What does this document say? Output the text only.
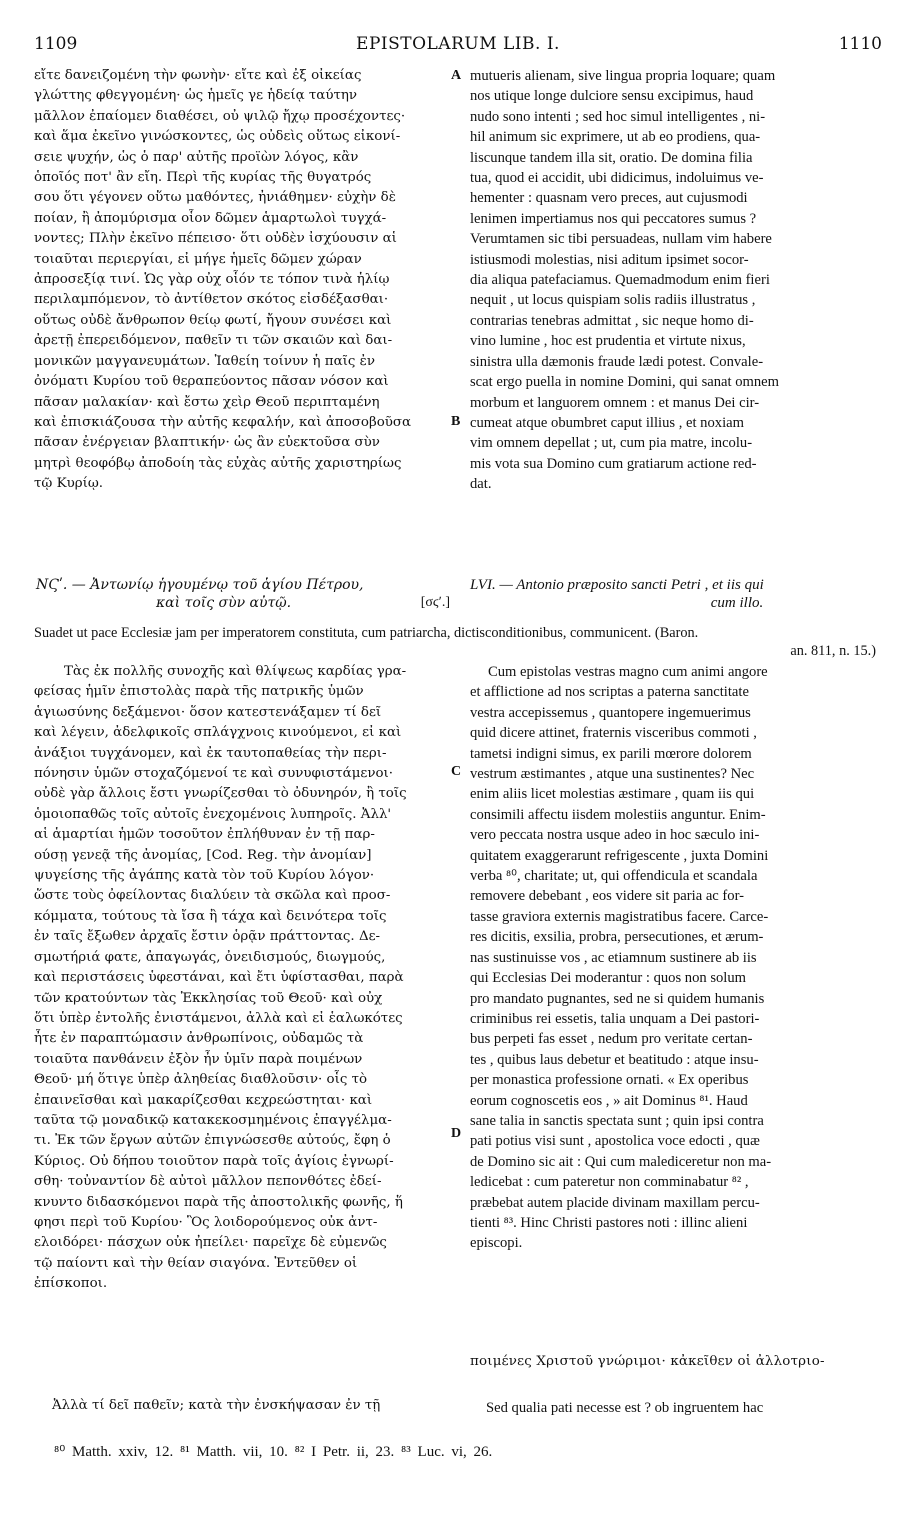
1109	EPISTOLARUM LIB. I.	1110
εἴτε δανειζομένη τὴν φωνὴν· εἴτε καὶ ἐξ οἰκείας
γλώττης φθεγγομένη· ὡς ἡμεῖς γε ἡδείᾳ ταύτην
μᾶλλον ἐπαίομεν διαθέσει, οὐ ψιλῷ ἤχῳ προσέχοντες·
καὶ ἅμα ἐκεῖνο γινώσκοντες, ὡς οὐδεὶς οὕτως εἰκονί-
σειε ψυχήν, ὡς ὁ παρ' αὐτῆς προϊὼν λόγος, κἂν
ὁποῖός ποτ' ἂν εἴη. Περὶ τῆς κυρίας τῆς θυγατρός
σου ὅτι γέγονεν οὕτω μαθόντες, ἠνιάθημεν· εὐχὴν δὲ
ποίαν, ἢ ἀπομύρισμα οἷον δῶμεν ἁμαρτωλοὶ τυγχά-
νοντες; Πλὴν ἐκεῖνο πέπεισο· ὅτι οὐδὲν ἰσχύουσιν αἱ
τοιαῦται περιεργίαι, εἰ μήγε ἡμεῖς δῶμεν χώραν
ἀπροσεξίᾳ τινί. Ὡς γὰρ οὐχ οἷόν τε τόπον τινὰ ἡλίῳ
περιλαμπόμενον, τὸ ἀντίθετον σκότος εἰσδέξασθαι·
οὕτως οὐδὲ ἄνθρωπον θείῳ φωτί, ἤγουν συνέσει καὶ
ἀρετῇ ἐπερειδόμενον, παθεῖν τι τῶν σκαιῶν καὶ δαι-
μονικῶν μαγγανευμάτων. Ἰαθείη τοίνυν ἡ παῖς ἐν
ὀνόματι Κυρίου τοῦ θεραπεύοντος πᾶσαν νόσον καὶ
πᾶσαν μαλακίαν· καὶ ἔστω χεὶρ Θεοῦ περιπταμένη
καὶ ἐπισκιάζουσα τὴν αὐτῆς κεφαλήν, καὶ ἀποσοβοῦσα
πᾶσαν ἐνέργειαν βλαπτικήν· ὡς ἂν εὐεκτοῦσα σὺν
μητρὶ θεοφόβῳ ἀποδοίη τὰς εὐχὰς αὐτῆς χαριστηρίως
τῷ Κυρίῳ.
mutueris alienam, sive lingua propria loquare; quam
nos utique longe dulciore sensu excipimus, haud
nudo sono intenti ; sed hoc simul intelligentes , ni-
hil animum sic exprimere, ut ab eo prodiens, qua-
liscunque tandem illa sit, oratio. De domina filia
tua, quod ei accidit, ubi didicimus, indoluimus ve-
hementer : quasnam vero preces, aut cujusmodi
lenimen impertiamus nos qui peccatores sumus ?
Verumtamen sic tibi persuadeas, nullam vim habere
istiusmodi molestias, nisi aditum ipsimet socor-
dia aliqua patefaciamus. Quemadmodum enim fieri
nequit , ut locus quispiam solis radiis illustratus ,
contrarias tenebras admittat , sic neque homo di-
vino lumine , hoc est prudentia et virtute nixus,
sinistra ulla dæmonis fraude lædi potest. Convale-
scat ergo puella in nomine Domini, qui sanat omnem
morbum et languorem omnem : et manus Dei cir-
cumeat atque obumbret caput illius , et noxiam
vim omnem depellat ; ut, cum pia matre, incolu-
mis vota sua Domino cum gratiarum actione red-
dat.
A
B
ΝϚʹ. — Ἀντωνίῳ ἡγουμένῳ τοῦ ἁγίου Πέτρου,
καὶ τοῖς σὺν αὐτῷ.	[σϛʹ.]
LVI. — Antonio præposito sancti Petri , et iis qui
cum illo.
Suadet ut pace Ecclesiæ jam per imperatorem constituta, cum patriarcha, dictisconditionibus, communicent. (Baron.
an. 811, n. 15.)
Τὰς ἐκ πολλῆς συνοχῆς καὶ θλίψεως καρδίας γρα-
φείσας ἡμῖν ἐπιστολὰς παρὰ τῆς πατρικῆς ὑμῶν
ἁγιωσύνης δεξάμενοι· ὅσον κατεστενάξαμεν τί δεῖ
καὶ λέγειν, ἀδελφικοῖς σπλάγχνοις κινούμενοι, εἰ καὶ
ἀνάξιοι τυγχάνομεν, καὶ ἐκ ταυτοπαθείας τὴν περι-
πόνησιν ὑμῶν στοχαζόμενοί τε καὶ συνυφιστάμενοι·
οὐδὲ γὰρ ἄλλοις ἔστι γνωρίζεσθαι τὸ ὀδυνηρόν, ἢ τοῖς
ὁμοιοπαθῶς τοῖς αὐτοῖς ἐνεχομένοις λυπηροῖς. Ἀλλ'
αἱ ἁμαρτίαι ἡμῶν τοσοῦτον ἐπλήθυναν ἐν τῇ παρ-
ούσῃ γενεᾷ τῆς ἀνομίας, [Cod. Reg. τὴν ἀνομίαν]
ψυγείσης τῆς ἀγάπης κατὰ τὸν τοῦ Κυρίου λόγον·
ὥστε τοὺς ὀφείλοντας διαλύειν τὰ σκῶλα καὶ προσ-
κόμματα, τούτους τὰ ἴσα ἢ τάχα καὶ δεινότερα τοῖς
ἐν ταῖς ἔξωθεν ἀρχαῖς ἔστιν ὁρᾷν πράττοντας. Δε-
σμωτήριά φατε, ἀπαγωγάς, ὀνειδισμούς, διωγμούς,
καὶ περιστάσεις ὑφεστάναι, καὶ ἔτι ὑφίστασθαι, παρὰ
τῶν κρατούντων τὰς Ἐκκλησίας τοῦ Θεοῦ· καὶ οὐχ
ὅτι ὑπὲρ ἐντολῆς ἐνιστάμενοι, ἀλλὰ καὶ εἰ ἑαλωκότες
ἦτε ἐν παραπτώμασιν ἀνθρωπίνοις, οὐδαμῶς τὰ
τοιαῦτα πανθάνειν ἐξὸν ἦν ὑμῖν παρὰ ποιμένων
Θεοῦ· μή ὅτιγε ὑπὲρ ἀληθείας διαθλοῦσιν· οἷς τὸ
ἐπαινεῖσθαι καὶ μακαρίζεσθαι κεχρεώστηται· καὶ
ταῦτα τῷ μοναδικῷ κατακεκοσμημένοις ἐπαγγέλμα-
τι. Ἐκ τῶν ἔργων αὐτῶν ἐπιγνώσεσθε αὐτούς, ἔφη ὁ
Κύριος. Οὐ δήπου τοιοῦτον παρὰ τοῖς ἁγίοις ἐγνωρί-
σθη· τοὐναντίον δὲ αὐτοὶ μᾶλλον πεπονθότες ἐδεί-
κνυντο διδασκόμενοι παρὰ τῆς ἀποστολικῆς φωνῆς, ἥ
φησι περὶ τοῦ Κυρίου· Ὃς λοιδορούμενος οὐκ ἀντ-
ελοιδόρει· πάσχων οὐκ ἠπείλει· παρεῖχε δὲ εὐμενῶς
τῷ παίοντι καὶ τὴν θείαν σιαγόνα. Ἐντεῦθεν οἱ
ἐπίσκοποι.
Ἀλλὰ τί δεῖ παθεῖν; κατὰ τὴν ἐνσκήψασαν ἐν τῇ
Cum epistolas vestras magno cum animi angore
et afflictione ad nos scriptas a paterna sanctitate
vestra accepissemus , quantopere ingemuerimus
quid dicere attinet, fraternis visceribus commoti ,
tametsi indigni simus, ex parili mœrore dolorem
vestrum æstimantes , atque una sustinentes? Nec
enim aliis licet molestias æstimare , quam iis qui
consimili affectu iisdem molestiis anguntur. Enim-
vero peccata nostra usque adeo in hoc sæculo ini-
quitatem exaggerarunt refrigescente , juxta Domini
verba ⁸⁰, charitate; ut, qui offendicula et scandala
removere debebant , eos videre sit paria ac for-
tasse graviora externis magistratibus facere. Carce-
res dicitis, exsilia, probra, persecutiones, et ærum-
nas sustinuisse vos , ac etiamnum sustinere ab iis
qui Ecclesias Dei moderantur : quos non solum
pro mandato pugnantes, sed ne si quidem humanis
criminibus rei essetis, talia unquam a Dei pastori-
bus perpeti fas esset , nedum pro veritate certan-
tes , quibus laus debetur et beatitudo : atque insu-
per monastica professione ornati. « Ex operibus
eorum cognoscetis eos , » ait Dominus ⁸¹. Haud
sane talia in sanctis spectata sunt ; quin ipsi contra
pati potius visi sunt , apostolica voce edocti , quæ
de Domino sic ait : Qui cum malediceretur non ma-
ledicebat : cum pateretur non comminabatur ⁸² ,
præbebat autem placide divinam maxillam percu-
tienti ⁸³. Hinc Christi pastores noti : illinc alieni
episcopi.
ποιμένες Χριστοῦ γνώριμοι· κἀκεῖθεν οἱ ἀλλοτριο-
Sed qualia pati necesse est ? ob ingruentem hac
C
D
⁸⁰ Matth. xxiv, 12. ⁸¹ Matth. vii, 10. ⁸² I Petr. ii, 23. ⁸³ Luc. vi, 26.
